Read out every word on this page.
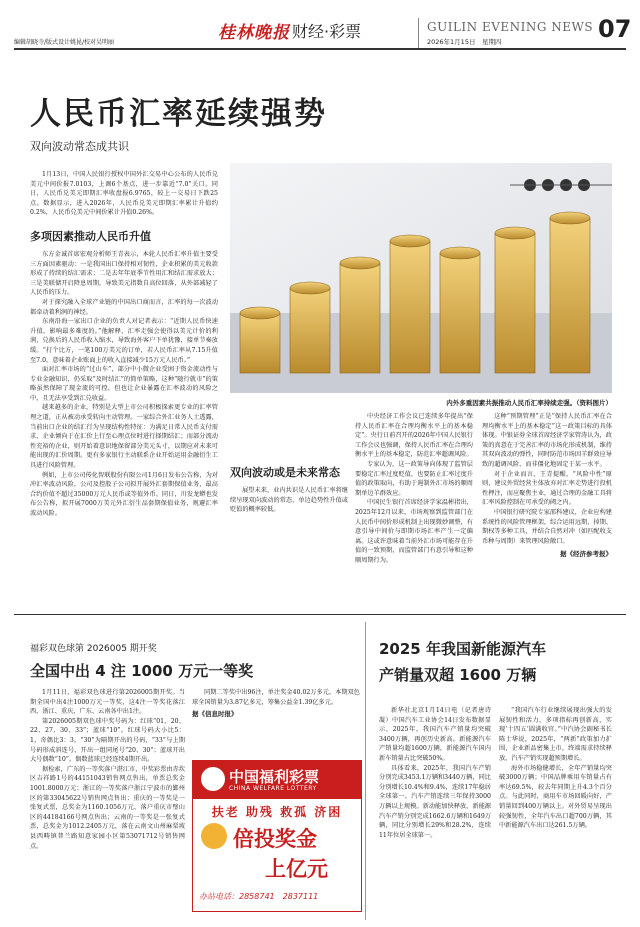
编辑胡晓寺/版式设计姚昆/校对吴明丽	桂林晚报 财经·彩票	GUILIN EVENING NEWS
2026年1月15日　星期四	07
人民币汇率延续强势
双向波动常态成共识

1月13日，中国人民银行授权中国外汇交易中心公布的人民币兑美元中间价报7.0103，上调6个基点，进一步靠近“7.0”关口。同日，人民币兑美元即期汇率收盘报6.9765，较上一交易日下跌25点。数据显示，进入2026年，人民币兑美元即期汇率累计升值约0.2%，人民币兑美元中间价累计升值0.26%。

多项因素推动人民币升值

东方金诚首席宏观分析师王青表示，本轮人民币汇率升值主要受三方面因素驱动：一是我国出口保持相对韧性，企业积累的美元收款形成了持续的结汇需求；二是去年年底季节性用汇和结汇需求放大；三是美联储开启降息周期，导致美元指数自高位回落，从外部减轻了人民币的压力。

对于探究融入全球产业链的中国出口商而言，汇率的每一次波动都牵动着利润的神经。

东南沿海一家出口企业的负责人对记者表示：“近期人民币快速升值，影响最多难度的。”他解释，汇率走强会使得以美元计价的利润，兑换后的人民币收入缩水，导致海外客户下单犹豫，接单节奏放缓。“打个比方，一笔100万美元的订单，若人民币汇率从7.15升值至7.0，意味着企业账面上的收入直接减少15万元人民币。”

面对汇率市场的“过山车”，部分中小微企业受困于资金流动性与专业金融知识，仍采取“及时结汇”的简单策略，这种“随行就市”的策略虽然保障了现金流的可控，但也让企业暴露在汇率波动的风险之中，且无法享受到汇兑收益。

越来越多的企业，特别是大型上市公司积极探索更专业的汇率管理之道，正从被动承受转向主动管理。一家综合外汇业务人士透露，当前出口企业的结汇行为呈现结构性特征：为满足日常人民币支付需求，企业倾向于在汇价上行至心理点位时进行择期结汇；而部分流动性充裕的企业，则开始着意识地保留部分美元头寸，以期应对未来可能出现的汇价周期。更有多家银行主动联系企业开始运用金融衍生工具进行风险管理。

例如，上市公司传化智联股份有限公司1月6日发布公告称，为对冲汇率波动风险，公司及控股子公司拟开展外汇套期保值业务，最高合约价值不超过35000万元人民币或等值外币。同日，川发龙蟒也发布公告称，拟开展7000万美元外汇衍生品套期保值业务，规避汇率波动风险。

内外多重因素共振推动人民币汇率持续走强。（资料图片）

双向波动或是未来常态

展望未来，业内共识是人民币汇率将继续呈现双向波动的常态，单边趋势性升值或贬值的概率较低。

中央经济工作会议已连续多年提出“保持人民币汇率在合理均衡水平上的基本稳定”。央行日前召开的2026年中国人民银行工作会议也强调，保持人民币汇率在合理均衡水平上的基本稳定，防范汇率超调风险。

专家认为，这一政策导向体现了监管层要稳定汇率过度贬值，也要防止汇率过度升值的政策取向，有助于遏制外汇市场的顺周期单边羊群效应。

中国民生银行首席经济学家温彬指出，2025年12月以来，市场观察到监管部门在人民币中间价形成机制上出现微妙调整，有意引导中间价与即期市场汇率产生一定偏离。这或许意味着当前外汇市场可能存在升值的一致预期，而监管部门有意引导和这种顺周期行为。

这种“预期管理”正是“保持人民币汇率在合理均衡水平上的基本稳定”这一政策目标的具体体现。中银证券全球首席经济学家管涛认为，政策的真意在于完善汇率的市场化形成机制，维持其双向波动的弹性，同时防范市场因羊群效应导致的超调风险，而非僵化地固定于某一水平。

对于企业而言，王青提醒，“风险中性”原则，建议外贸经营主体放弃对汇率走势进行投机性押注，而应聚焦主业，通过合理的金融工具将汇率风险控制在可承受的阈之内。

中国银行研究院专家邵科建议，企业应构建系统性的风险管理框架，综合运用远期、掉期、期权等多种工具，并结合自然对冲（如匹配收支币种与周期）来管理风险敞口。

据《经济参考报》
福彩双色球第 2026005 期开奖
全国中出 4 注 1000 万元一等奖

1月11日，福彩双色球进行第2026005期开奖。当期全国中出4注1000万元一等奖，这4注一等奖花落江西、浙江、重庆、广东、云南各中出1注。

第2026005期双色球中奖号码为：红球“01、20、22、27、30、33”；蓝球“10”。红球号码大小比5：1，奇偶比3：3，“30”为隔期开出的号码，“33”与上期号码形成斜连号，开出一组同尾号“20、30”；蓝球开出大号偶数“10”，偶数蓝球已经连续4期开出。

据检索，广东的一等奖落户湛江市，中奖彩票由赤坎区吉祥路1号的44151043销售网点售出，单票总奖金1001.8000万元；浙江的一等奖落户浙江宁波市的鄞州区的第33045622号销售网点售出；重庆的一等奖是一张复式票，总奖金为1160.1056万元，落户重庆市璧山区的44184166号网点售出；云南的一等奖是一张复式票，总奖金为1012.2405万元，落在云南文山州麻栗坡县西畴镇普兰路知意家园小区第53071712号销售网点。

同期二等奖中出96注，单注奖金40.02万多元。本期双色球全国销量为3.87亿多元，筹集公益金1.39亿多元。

据《信息时报》
中国福利彩票
CHINA WELFARE LOTTERY
扶老 助残 救孤 济困
倍投奖金
上亿元
办站电话：2858741　2837111
2025 年我国新能源汽车
产销量双超 1600 万辆

新华社北京1月14日电（记者唐诗凝）中国汽车工业协会14日发布数据显示，2025年，我国汽车产销量均突破3400万辆，再创历史新高。新能源汽车产销量均超1600万辆，新能源汽车国内新车销量占比突破50%。

具体看来，2025年，我国汽车产销分别完成3453.1万辆和3440万辆，同比分别增长10.4%和9.4%，连续17年稳居全球第一。汽车产销连续三年保持3000万辆以上规模。新动能加快释放，新能源汽车产销分别完成1662.6万辆和1649万辆，同比分别增长29%和28.2%，连续11年位居全球第一。

“我国汽车行业继续展现出强大的发展韧性和活力，多项指标再创新高，实现‘十四五’圆满收官。”中汽协会副秘书长陈士华说，2025年，“两新”政策加力扩围，企业新品密集上市，终端需求持续释放，汽车产销实现超预期增长。

海外市场稳健增长，全年产销量均突破3000万辆；中国品牌乘用车销量占有率达69.5%，较去年同期上升4.3个百分点。与此同时，商用车市场回暖向好，产销量回到400万辆以上。对外贸易呈现出较强韧性，全年汽车出口超700万辆，其中新能源汽车出口达261.5万辆。
